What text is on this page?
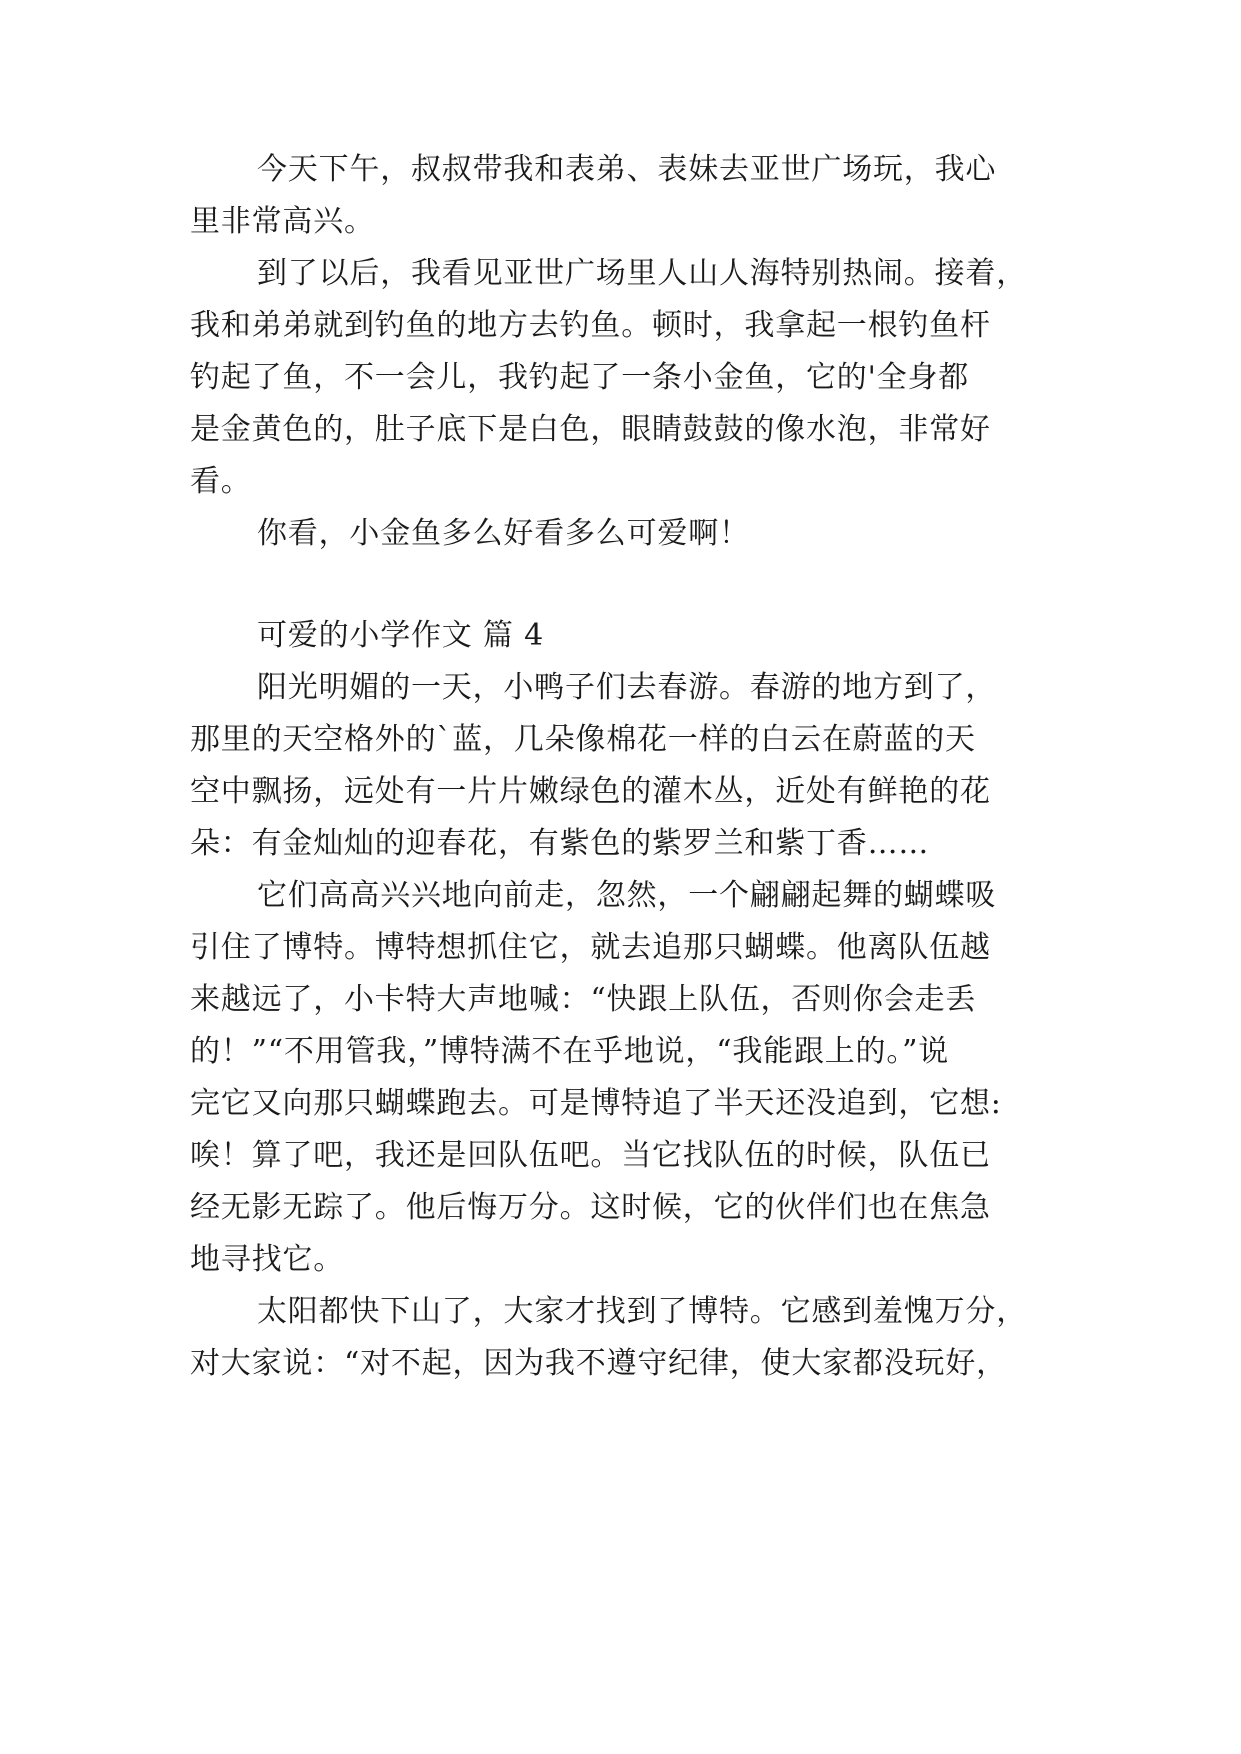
今天下午，叔叔带我和表弟、表妹去亚世广场玩，我心
里非常高兴。
到了以后，我看见亚世广场里人山人海特别热闹。接着，
我和弟弟就到钓鱼的地方去钓鱼。顿时，我拿起一根钓鱼杆
钓起了鱼，不一会儿，我钓起了一条小金鱼，它的'全身都
是金黄色的，肚子底下是白色，眼睛鼓鼓的像水泡，非常好
看。
你看，小金鱼多么好看多么可爱啊！
可爱的小学作文 篇 4
阳光明媚的一天，小鸭子们去春游。春游的地方到了，
那里的天空格外的`蓝，几朵像棉花一样的白云在蔚蓝的天
空中飘扬，远处有一片片嫩绿色的灌木丛，近处有鲜艳的花
朵：有金灿灿的迎春花，有紫色的紫罗兰和紫丁香……
它们高高兴兴地向前走，忽然，一个翩翩起舞的蝴蝶吸
引住了博特。博特想抓住它，就去追那只蝴蝶。他离队伍越
来越远了，小卡特大声地喊：“快跟上队伍，否则你会走丢
的！”“不用管我，”博特满不在乎地说，“我能跟上的。”说
完它又向那只蝴蝶跑去。可是博特追了半天还没追到，它想:
唉！算了吧，我还是回队伍吧。当它找队伍的时候，队伍已
经无影无踪了。他后悔万分。这时候，它的伙伴们也在焦急
地寻找它。
太阳都快下山了，大家才找到了博特。它感到羞愧万分，
对大家说：“对不起，因为我不遵守纪律，使大家都没玩好，
